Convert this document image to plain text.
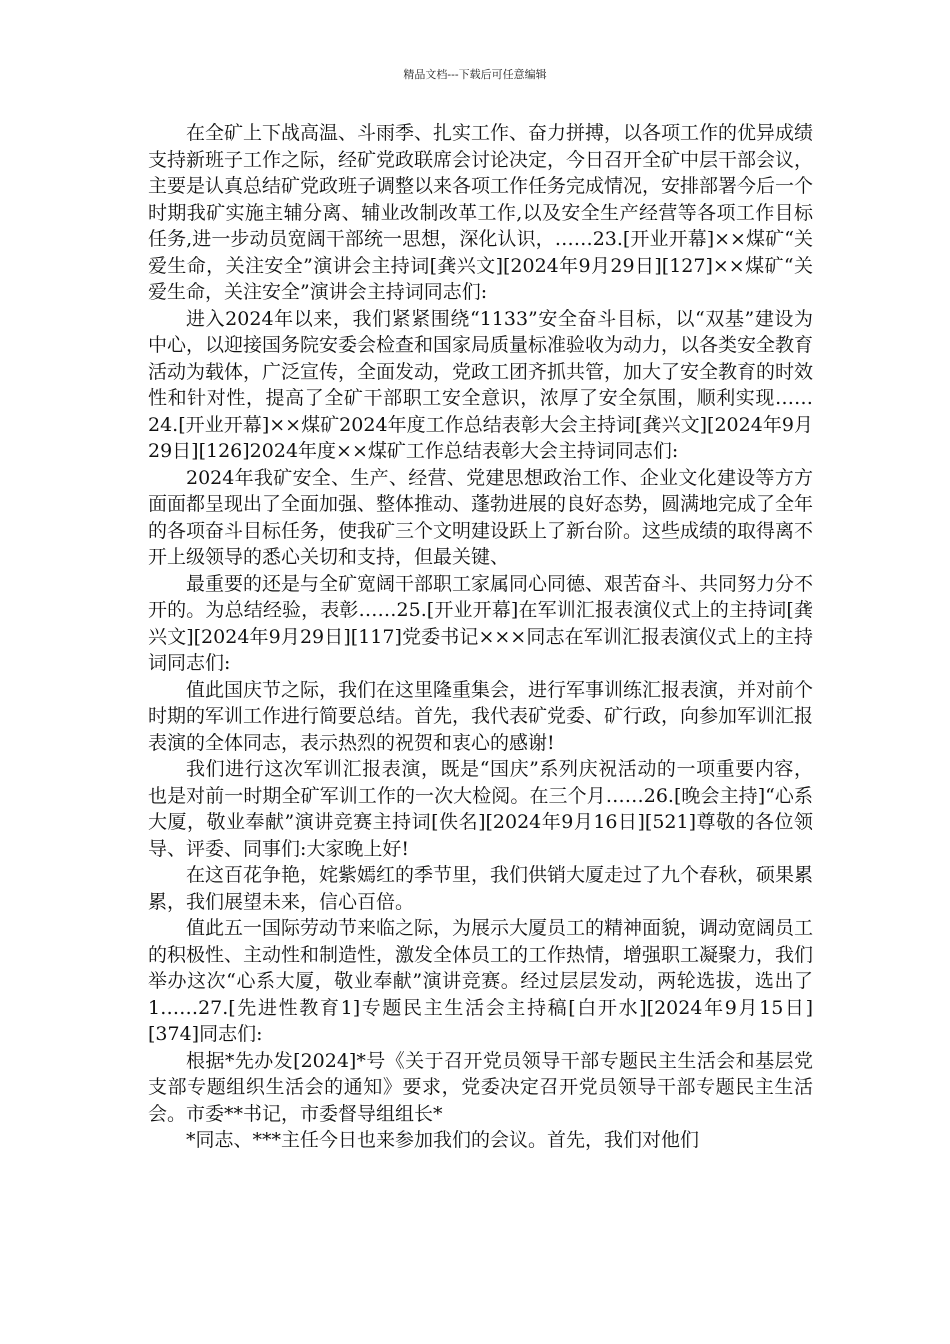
精品文档---下载后可任意编辑

在全矿上下战高温、斗雨季、扎实工作、奋力拼搏，以各项工作的优异成绩支持新班子工作之际，经矿党政联席会讨论决定，今日召开全矿中层干部会议，主要是认真总结矿党政班子调整以来各项工作任务完成情况，安排部署今后一个时期我矿实施主辅分离、辅业改制改革工作,以及安全生产经营等各项工作目标任务,进一步动员宽阔干部统一思想，深化认识，……23.[开业开幕]××煤矿“关爱生命，关注安全”演讲会主持词[龚兴文][2024年9月29日][127]××煤矿“关爱生命，关注安全”演讲会主持词同志们:

进入2024年以来，我们紧紧围绕“1133”安全奋斗目标，以“双基”建设为中心，以迎接国务院安委会检查和国家局质量标准验收为动力，以各类安全教育活动为载体，广泛宣传，全面发动，党政工团齐抓共管，加大了安全教育的时效性和针对性，提高了全矿干部职工安全意识，浓厚了安全氛围，顺利实现……24.[开业开幕]××煤矿2024年度工作总结表彰大会主持词[龚兴文][2024年9月29日][126]2024年度××煤矿工作总结表彰大会主持词同志们:

2024年我矿安全、生产、经营、党建思想政治工作、企业文化建设等方方面面都呈现出了全面加强、整体推动、蓬勃进展的良好态势，圆满地完成了全年的各项奋斗目标任务，使我矿三个文明建设跃上了新台阶。这些成绩的取得离不开上级领导的悉心关切和支持，但最关键、

最重要的还是与全矿宽阔干部职工家属同心同德、艰苦奋斗、共同努力分不开的。为总结经验，表彰……25.[开业开幕]在军训汇报表演仪式上的主持词[龚兴文][2024年9月29日][117]党委书记×××同志在军训汇报表演仪式上的主持词同志们:

值此国庆节之际，我们在这里隆重集会，进行军事训练汇报表演，并对前个时期的军训工作进行简要总结。首先，我代表矿党委、矿行政，向参加军训汇报表演的全体同志，表示热烈的祝贺和衷心的感谢!

我们进行这次军训汇报表演，既是“国庆”系列庆祝活动的一项重要内容，也是对前一时期全矿军训工作的一次大检阅。在三个月……26.[晚会主持]“心系大厦，敬业奉献”演讲竞赛主持词[佚名][2024年9月16日][521]尊敬的各位领导、评委、同事们:大家晚上好!

在这百花争艳，姹紫嫣红的季节里，我们供销大厦走过了九个春秋，硕果累累，我们展望未来，信心百倍。

值此五一国际劳动节来临之际，为展示大厦员工的精神面貌，调动宽阔员工的积极性、主动性和制造性，激发全体员工的工作热情，增强职工凝聚力，我们举办这次“心系大厦，敬业奉献”演讲竞赛。经过层层发动，两轮选拔，选出了1……27.[先进性教育1]专题民主生活会主持稿[白开水][2024年9月15日][374]同志们:

根据*先办发[2024]*号《关于召开党员领导干部专题民主生活会和基层党支部专题组织生活会的通知》要求，党委决定召开党员领导干部专题民主生活会。市委**书记，市委督导组组长*

*同志、***主任今日也来参加我们的会议。首先，我们对他们
